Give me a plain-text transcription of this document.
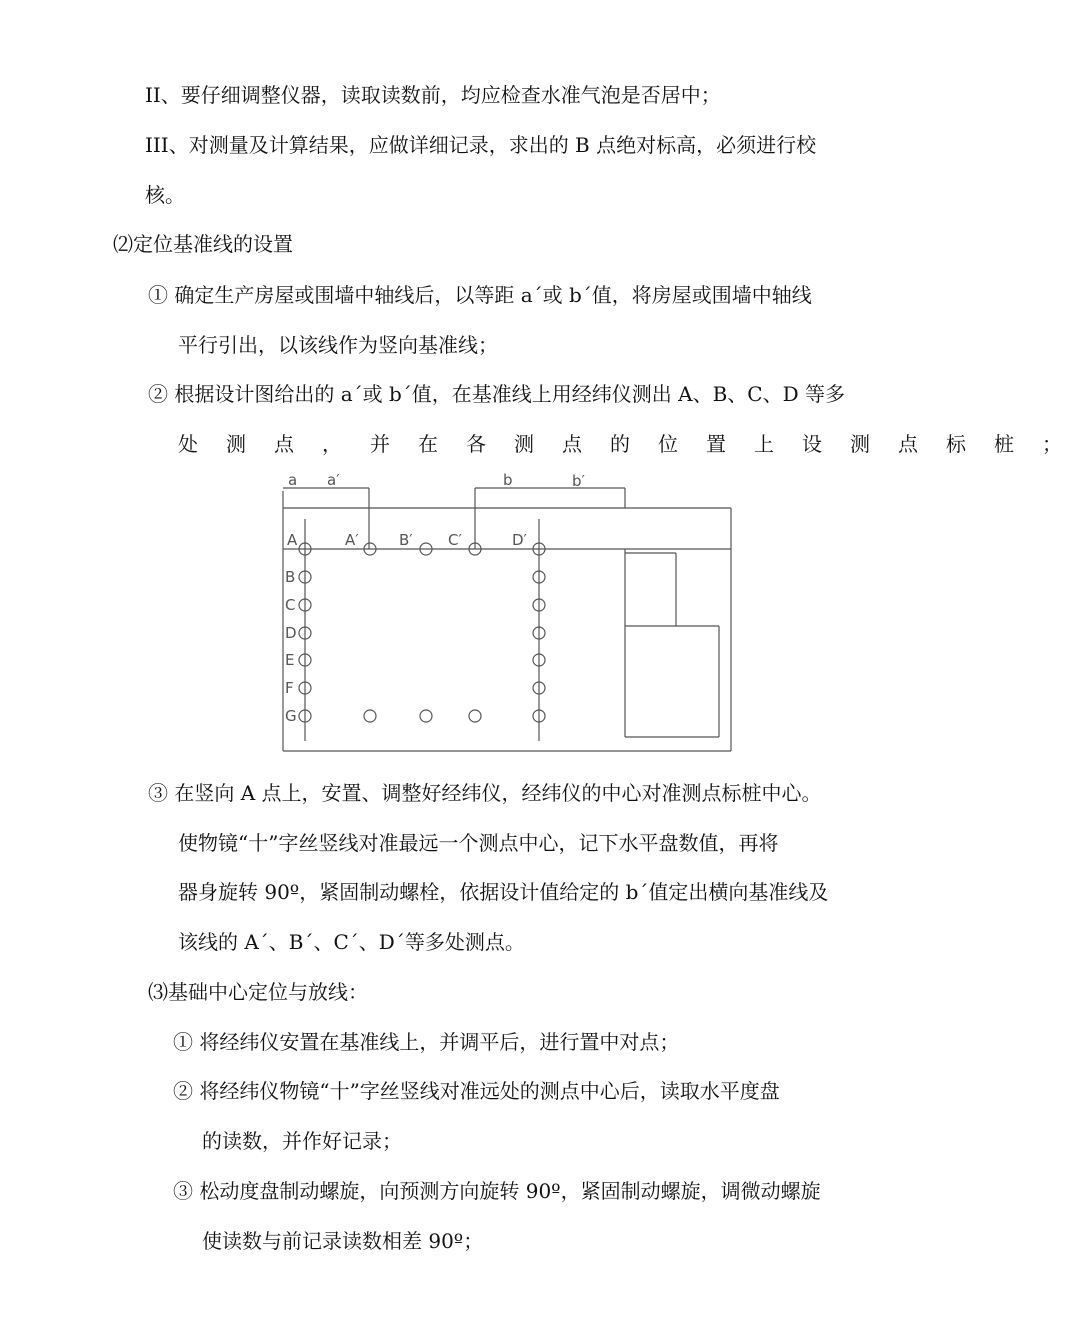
II、要仔细调整仪器，读取读数前，均应检查水准气泡是否居中；
III、对测量及计算结果，应做详细记录，求出的 B 点绝对标高，必须进行校
核。
⑵定位基准线的设置
① 确定生产房屋或围墙中轴线后，以等距 a´或 b´值，将房屋或围墙中轴线
平行引出，以该线作为竖向基准线；
② 根据设计图给出的 a´或 b´值，在基准线上用经纬仪测出 A、B、C、D 等多
处测点，并在各测点的位置上设测点标桩；
a a′	b	b′
A	A′	B′ C′	D′
B
C
D
E
F
G
③ 在竖向 A 点上，安置、调整好经纬仪，经纬仪的中心对准测点标桩中心。
使物镜“十”字丝竖线对准最远一个测点中心，记下水平盘数值，再将
器身旋转 90º，紧固制动螺栓，依据设计值给定的 b´值定出横向基准线及
该线的 A´、B´、C´、D´等多处测点。
⑶基础中心定位与放线：
① 将经纬仪安置在基准线上，并调平后，进行置中对点；
② 将经纬仪物镜“十”字丝竖线对准远处的测点中心后，读取水平度盘
的读数，并作好记录；
③ 松动度盘制动螺旋，向预测方向旋转 90º，紧固制动螺旋，调微动螺旋
使读数与前记录读数相差 90º；
